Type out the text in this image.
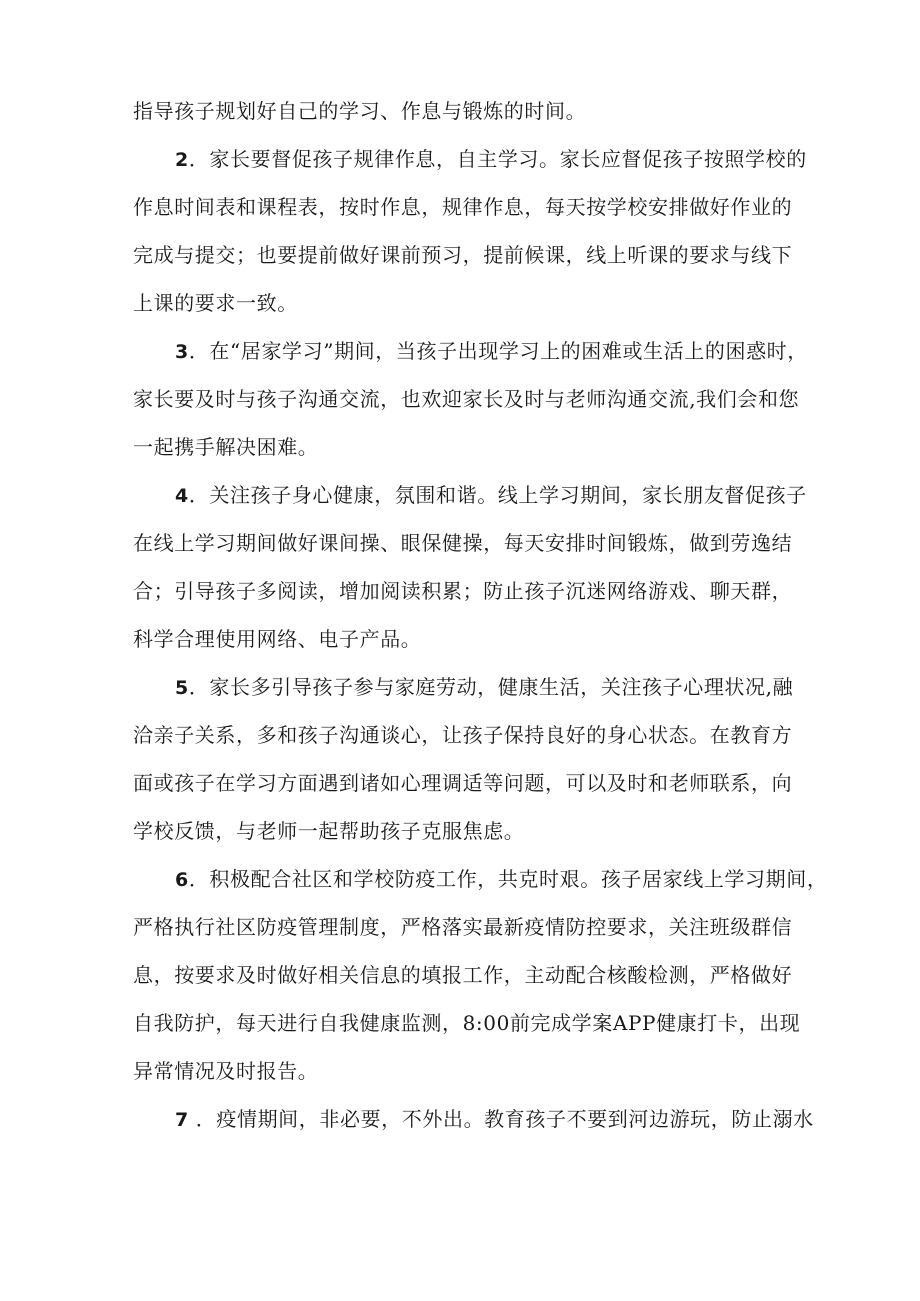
指导孩子规划好自己的学习、作息与锻炼的时间。

2．家长要督促孩子规律作息，自主学习。家长应督促孩子按照学校的

作息时间表和课程表，按时作息，规律作息，每天按学校安排做好作业的

完成与提交；也要提前做好课前预习，提前候课，线上听课的要求与线下

上课的要求一致。

3．在“居家学习”期间，当孩子出现学习上的困难或生活上的困惑时，

家长要及时与孩子沟通交流，也欢迎家长及时与老师沟通交流,我们会和您

一起携手解决困难。

4．关注孩子身心健康，氛围和谐。线上学习期间，家长朋友督促孩子

在线上学习期间做好课间操、眼保健操，每天安排时间锻炼，做到劳逸结

合；引导孩子多阅读，增加阅读积累；防止孩子沉迷网络游戏、聊天群，

科学合理使用网络、电子产品。

5．家长多引导孩子参与家庭劳动，健康生活，关注孩子心理状况,融

洽亲子关系，多和孩子沟通谈心，让孩子保持良好的身心状态。在教育方

面或孩子在学习方面遇到诸如心理调适等问题，可以及时和老师联系，向

学校反馈，与老师一起帮助孩子克服焦虑。

6．积极配合社区和学校防疫工作，共克时艰。孩子居家线上学习期间，

严格执行社区防疫管理制度，严格落实最新疫情防控要求，关注班级群信

息，按要求及时做好相关信息的填报工作，主动配合核酸检测，严格做好

自我防护，每天进行自我健康监测，8:00前完成学案APP健康打卡，出现

异常情况及时报告。

7 ．疫情期间，非必要，不外出。教育孩子不要到河边游玩，防止溺水
